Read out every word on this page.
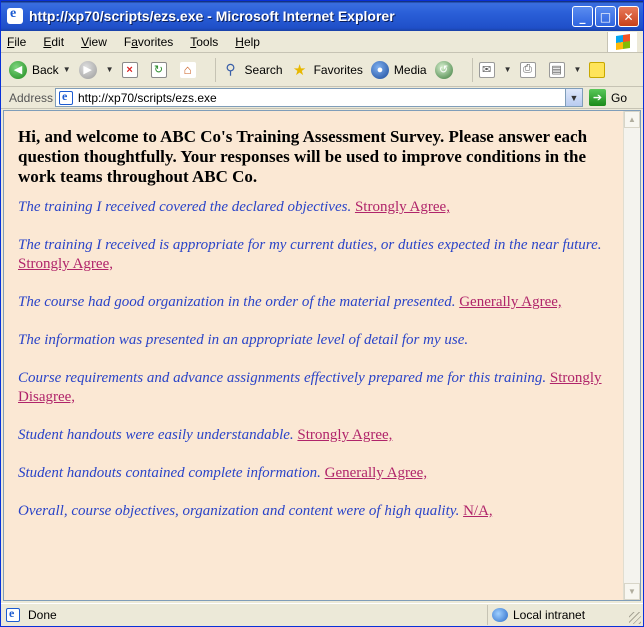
e
http://xp70/scripts/ezs.exe - Microsoft Internet Explorer	_	□	✕
File Edit View Favorites Tools Help
◀ Back ▼	▶	▼	×	↻	⌂ ⚲ Search ★ Favorites	● Media	↺	✉	▼	⎙	▤	▼
Address
e http://xp70/scripts/ezs.exe	▼	➔ Go

Hi, and welcome to ABC Co's Training Assessment Survey. Please answer each question thoughtfully. Your responses will be used to improve conditions in the work teams throughout ABC Co.

The training I received covered the declared objectives. Strongly Agree,

The training I received is appropriate for my current duties, or duties expected in the near future. Strongly Agree,

The course had good organization in the order of the material presented. Generally Agree,

The information was presented in an appropriate level of detail for my use.

Course requirements and advance assignments effectively prepared me for this training. Strongly Disagree,

Student handouts were easily understandable. Strongly Agree,

Student handouts contained complete information. Generally Agree,

Overall, course objectives, organization and content were of high quality. N/A,

▲
▼
e
Done	Local intranet
